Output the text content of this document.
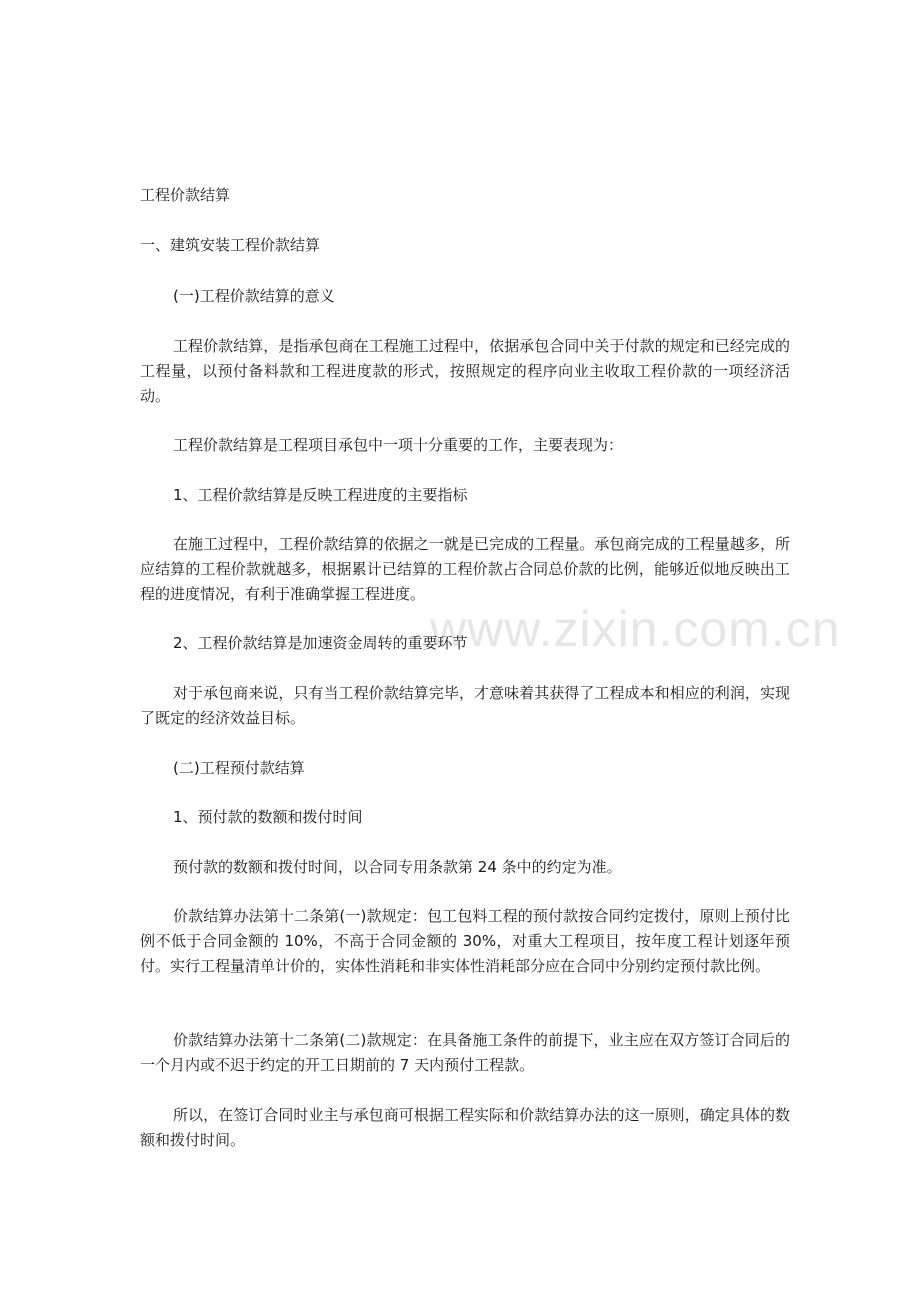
www.zixin.com.cn

工程价款结算

一、建筑安装工程价款结算

(一)工程价款结算的意义

工程价款结算，是指承包商在工程施工过程中，依据承包合同中关于付款的规定和已经完成的工程量，以预付备料款和工程进度款的形式，按照规定的程序向业主收取工程价款的一项经济活动。

工程价款结算是工程项目承包中一项十分重要的工作，主要表现为：

1、工程价款结算是反映工程进度的主要指标

在施工过程中，工程价款结算的依据之一就是已完成的工程量。承包商完成的工程量越多，所应结算的工程价款就越多，根据累计已结算的工程价款占合同总价款的比例，能够近似地反映出工程的进度情况，有利于准确掌握工程进度。

2、工程价款结算是加速资金周转的重要环节

对于承包商来说，只有当工程价款结算完毕，才意味着其获得了工程成本和相应的利润，实现了既定的经济效益目标。

(二)工程预付款结算

1、预付款的数额和拨付时间

预付款的数额和拨付时间，以合同专用条款第 24 条中的约定为准。

价款结算办法第十二条第(一)款规定：包工包料工程的预付款按合同约定拨付，原则上预付比例不低于合同金额的 10%，不高于合同金额的 30%，对重大工程项目，按年度工程计划逐年预付。实行工程量清单计价的，实体性消耗和非实体性消耗部分应在合同中分别约定预付款比例。

价款结算办法第十二条第(二)款规定：在具备施工条件的前提下，业主应在双方签订合同后的一个月内或不迟于约定的开工日期前的 7 天内预付工程款。

所以，在签订合同时业主与承包商可根据工程实际和价款结算办法的这一原则，确定具体的数额和拨付时间。
